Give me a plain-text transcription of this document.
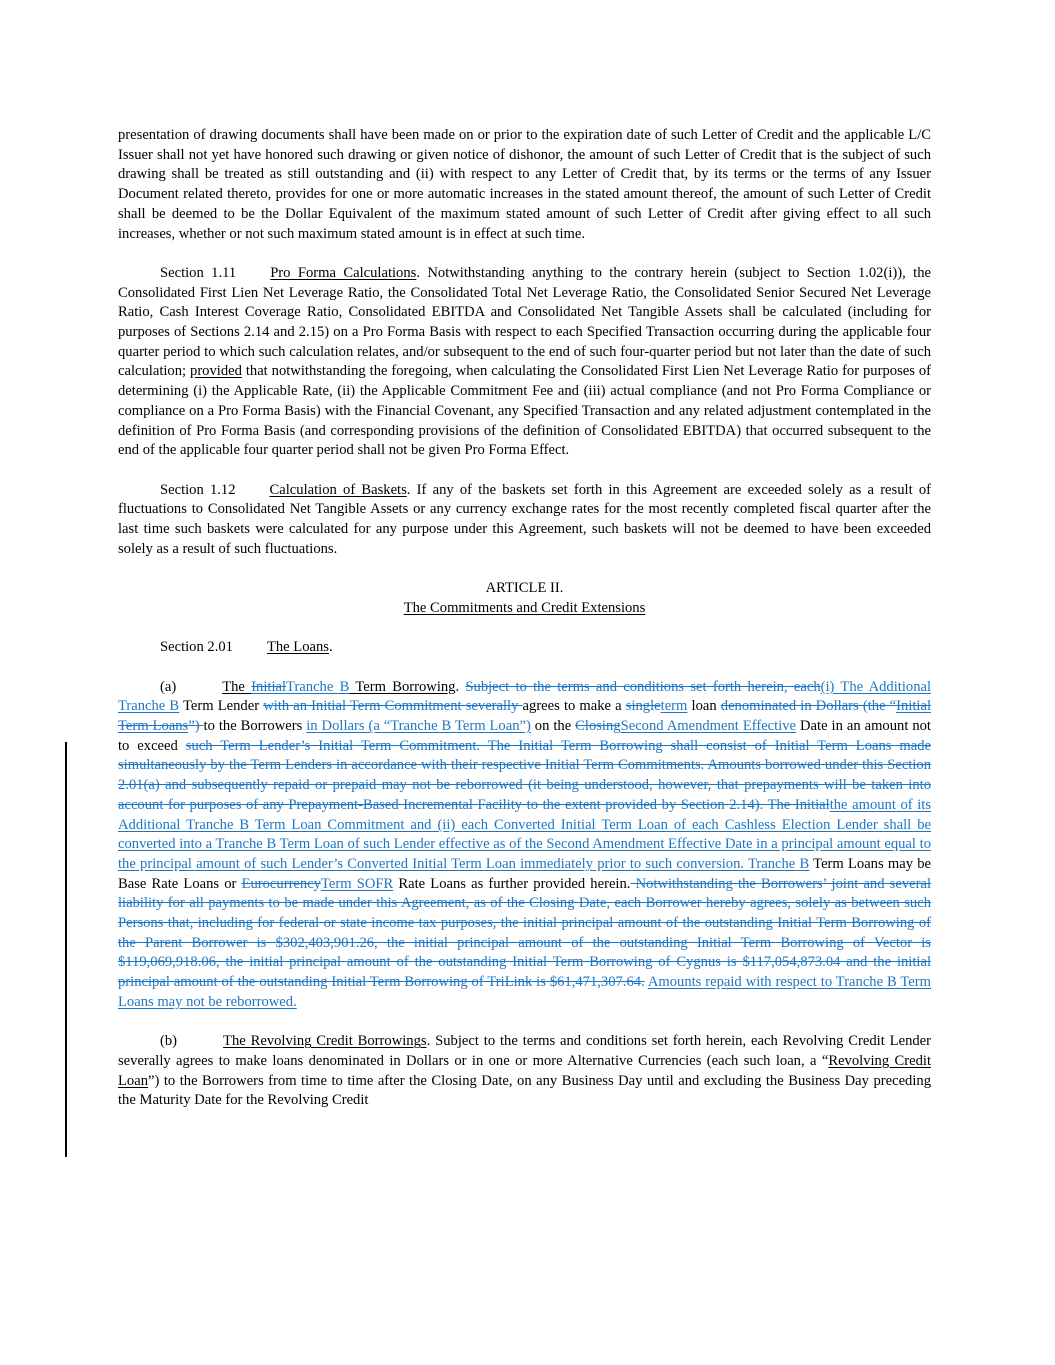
presentation of drawing documents shall have been made on or prior to the expiration date of such Letter of Credit and the applicable L/C Issuer shall not yet have honored such drawing or given notice of dishonor, the amount of such Letter of Credit that is the subject of such drawing shall be treated as still outstanding and (ii) with respect to any Letter of Credit that, by its terms or the terms of any Issuer Document related thereto, provides for one or more automatic increases in the stated amount thereof, the amount of such Letter of Credit shall be deemed to be the Dollar Equivalent of the maximum stated amount of such Letter of Credit after giving effect to all such increases, whether or not such maximum stated amount is in effect at such time.

Section 1.11 Pro Forma Calculations. Notwithstanding anything to the contrary herein (subject to Section 1.02(i)), the Consolidated First Lien Net Leverage Ratio, the Consolidated Total Net Leverage Ratio, the Consolidated Senior Secured Net Leverage Ratio, Cash Interest Coverage Ratio, Consolidated EBITDA and Consolidated Net Tangible Assets shall be calculated (including for purposes of Sections 2.14 and 2.15) on a Pro Forma Basis with respect to each Specified Transaction occurring during the applicable four quarter period to which such calculation relates, and/or subsequent to the end of such four-quarter period but not later than the date of such calculation; provided that notwithstanding the foregoing, when calculating the Consolidated First Lien Net Leverage Ratio for purposes of determining (i) the Applicable Rate, (ii) the Applicable Commitment Fee and (iii) actual compliance (and not Pro Forma Compliance or compliance on a Pro Forma Basis) with the Financial Covenant, any Specified Transaction and any related adjustment contemplated in the definition of Pro Forma Basis (and corresponding provisions of the definition of Consolidated EBITDA) that occurred subsequent to the end of the applicable four quarter period shall not be given Pro Forma Effect.

Section 1.12 Calculation of Baskets. If any of the baskets set forth in this Agreement are exceeded solely as a result of fluctuations to Consolidated Net Tangible Assets or any currency exchange rates for the most recently completed fiscal quarter after the last time such baskets were calculated for any purpose under this Agreement, such baskets will not be deemed to have been exceeded solely as a result of such fluctuations.

ARTICLE II.

The Commitments and Credit Extensions

Section 2.01 The Loans.

(a)	The InitialTranche B Term Borrowing. Subject to the terms and conditions set forth herein, each(i) The Additional Tranche B Term Lender with an Initial Term Commitment severally agrees to make a singleterm loan denominated in Dollars (the “Initial Term Loans”) to the Borrowers in Dollars (a “Tranche B Term Loan”) on the ClosingSecond Amendment Effective Date in an amount not to exceed such Term Lender’s Initial Term Commitment. The Initial Term Borrowing shall consist of Initial Term Loans made simultaneously by the Term Lenders in accordance with their respective Initial Term Commitments. Amounts borrowed under this Section 2.01(a) and subsequently repaid or prepaid may not be reborrowed (it being understood, however, that prepayments will be taken into account for purposes of any Prepayment-Based Incremental Facility to the extent provided by Section 2.14). The Initialthe amount of its Additional Tranche B Term Loan Commitment and (ii) each Converted Initial Term Loan of each Cashless Election Lender shall be converted into a Tranche B Term Loan of such Lender effective as of the Second Amendment Effective Date in a principal amount equal to the principal amount of such Lender’s Converted Initial Term Loan immediately prior to such conversion. Tranche B Term Loans may be Base Rate Loans or EurocurrencyTerm SOFR Rate Loans as further provided herein. Notwithstanding the Borrowers’ joint and several liability for all payments to be made under this Agreement, as of the Closing Date, each Borrower hereby agrees, solely as between such Persons that, including for federal or state income tax purposes, the initial principal amount of the outstanding Initial Term Borrowing of the Parent Borrower is $302,403,901.26, the initial principal amount of the outstanding Initial Term Borrowing of Vector is $119,069,918.06, the initial principal amount of the outstanding Initial Term Borrowing of Cygnus is $117,054,873.04 and the initial principal amount of the outstanding Initial Term Borrowing of TriLink is $61,471,307.64. Amounts repaid with respect to Tranche B Term Loans may not be reborrowed.

(b)	The Revolving Credit Borrowings. Subject to the terms and conditions set forth herein, each Revolving Credit Lender severally agrees to make loans denominated in Dollars or in one or more Alternative Currencies (each such loan, a “Revolving Credit Loan”) to the Borrowers from time to time after the Closing Date, on any Business Day until and excluding the Business Day preceding the Maturity Date for the Revolving Credit
